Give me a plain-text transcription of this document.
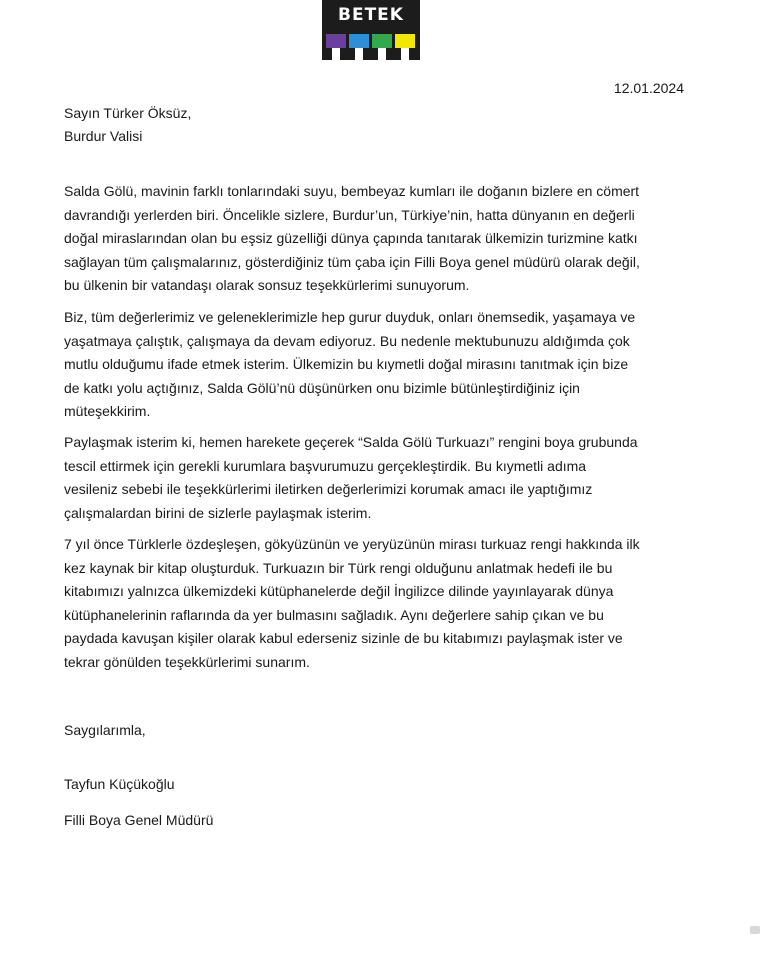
BETEK
12.01.2024
Sayın Türker Öksüz,
Burdur Valisi

Salda Gölü, mavinin farklı tonlarındaki suyu, bembeyaz kumları ile doğanın bizlere en cömert
davrandığı yerlerden biri. Öncelikle sizlere, Burdur’un, Türkiye’nin, hatta dünyanın en değerli
doğal miraslarından olan bu eşsiz güzelliği dünya çapında tanıtarak ülkemizin turizmine katkı
sağlayan tüm çalışmalarınız, gösterdiğiniz tüm çaba için Filli Boya genel müdürü olarak değil,
bu ülkenin bir vatandaşı olarak sonsuz teşekkürlerimi sunuyorum.

Biz, tüm değerlerimiz ve geleneklerimizle hep gurur duyduk, onları önemsedik, yaşamaya ve
yaşatmaya çalıştık, çalışmaya da devam ediyoruz. Bu nedenle mektubunuzu aldığımda çok
mutlu olduğumu ifade etmek isterim. Ülkemizin bu kıymetli doğal mirasını tanıtmak için bize
de katkı yolu açtığınız, Salda Gölü’nü düşünürken onu bizimle bütünleştirdiğiniz için
müteşekkirim.

Paylaşmak isterim ki, hemen harekete geçerek “Salda Gölü Turkuazı” rengini boya grubunda
tescil ettirmek için gerekli kurumlara başvurumuzu gerçekleştirdik. Bu kıymetli adıma
vesileniz sebebi ile teşekkürlerimi iletirken değerlerimizi korumak amacı ile yaptığımız
çalışmalardan birini de sizlerle paylaşmak isterim.

7 yıl önce Türklerle özdeşleşen, gökyüzünün ve yeryüzünün mirası turkuaz rengi hakkında ilk
kez kaynak bir kitap oluşturduk. Turkuazın bir Türk rengi olduğunu anlatmak hedefi ile bu
kitabımızı yalnızca ülkemizdeki kütüphanelerde değil İngilizce dilinde yayınlayarak dünya
kütüphanelerinin raflarında da yer bulmasını sağladık. Aynı değerlere sahip çıkan ve bu
paydada kavuşan kişiler olarak kabul ederseniz sizinle de bu kitabımızı paylaşmak ister ve
tekrar gönülden teşekkürlerimi sunarım.

Saygılarımla,
Tayfun Küçükoğlu
Filli Boya Genel Müdürü
